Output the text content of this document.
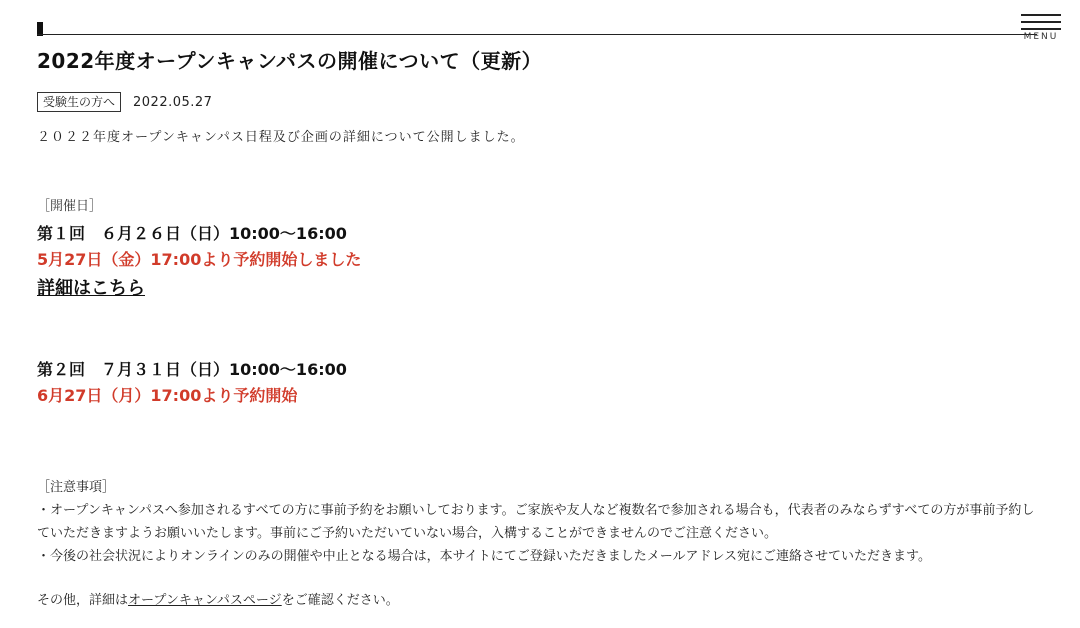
MENU
2022年度オープンキャンパスの開催について（更新）
受験生の方へ	2022.05.27
２０２２年度オープンキャンパス日程及び企画の詳細について公開しました。
［開催日］
第１回　６月２６日（日）10:00〜16:00
5月27日（金）17:00より予約開始しました
詳細はこちら
第２回　７月３１日（日）10:00〜16:00
6月27日（月）17:00より予約開始

［注意事項］

・オープンキャンパスへ参加されるすべての方に事前予約をお願いしております。ご家族や友人など複数名で参加される場合も，代表者のみならずすべての方が事前予約していただきますようお願いいたします。事前にご予約いただいていない場合，入構することができませんのでご注意ください。

・今後の社会状況によりオンラインのみの開催や中止となる場合は，本サイトにてご登録いただきましたメールアドレス宛にご連絡させていただきます。

その他，詳細はオープンキャンパスページをご確認ください。
